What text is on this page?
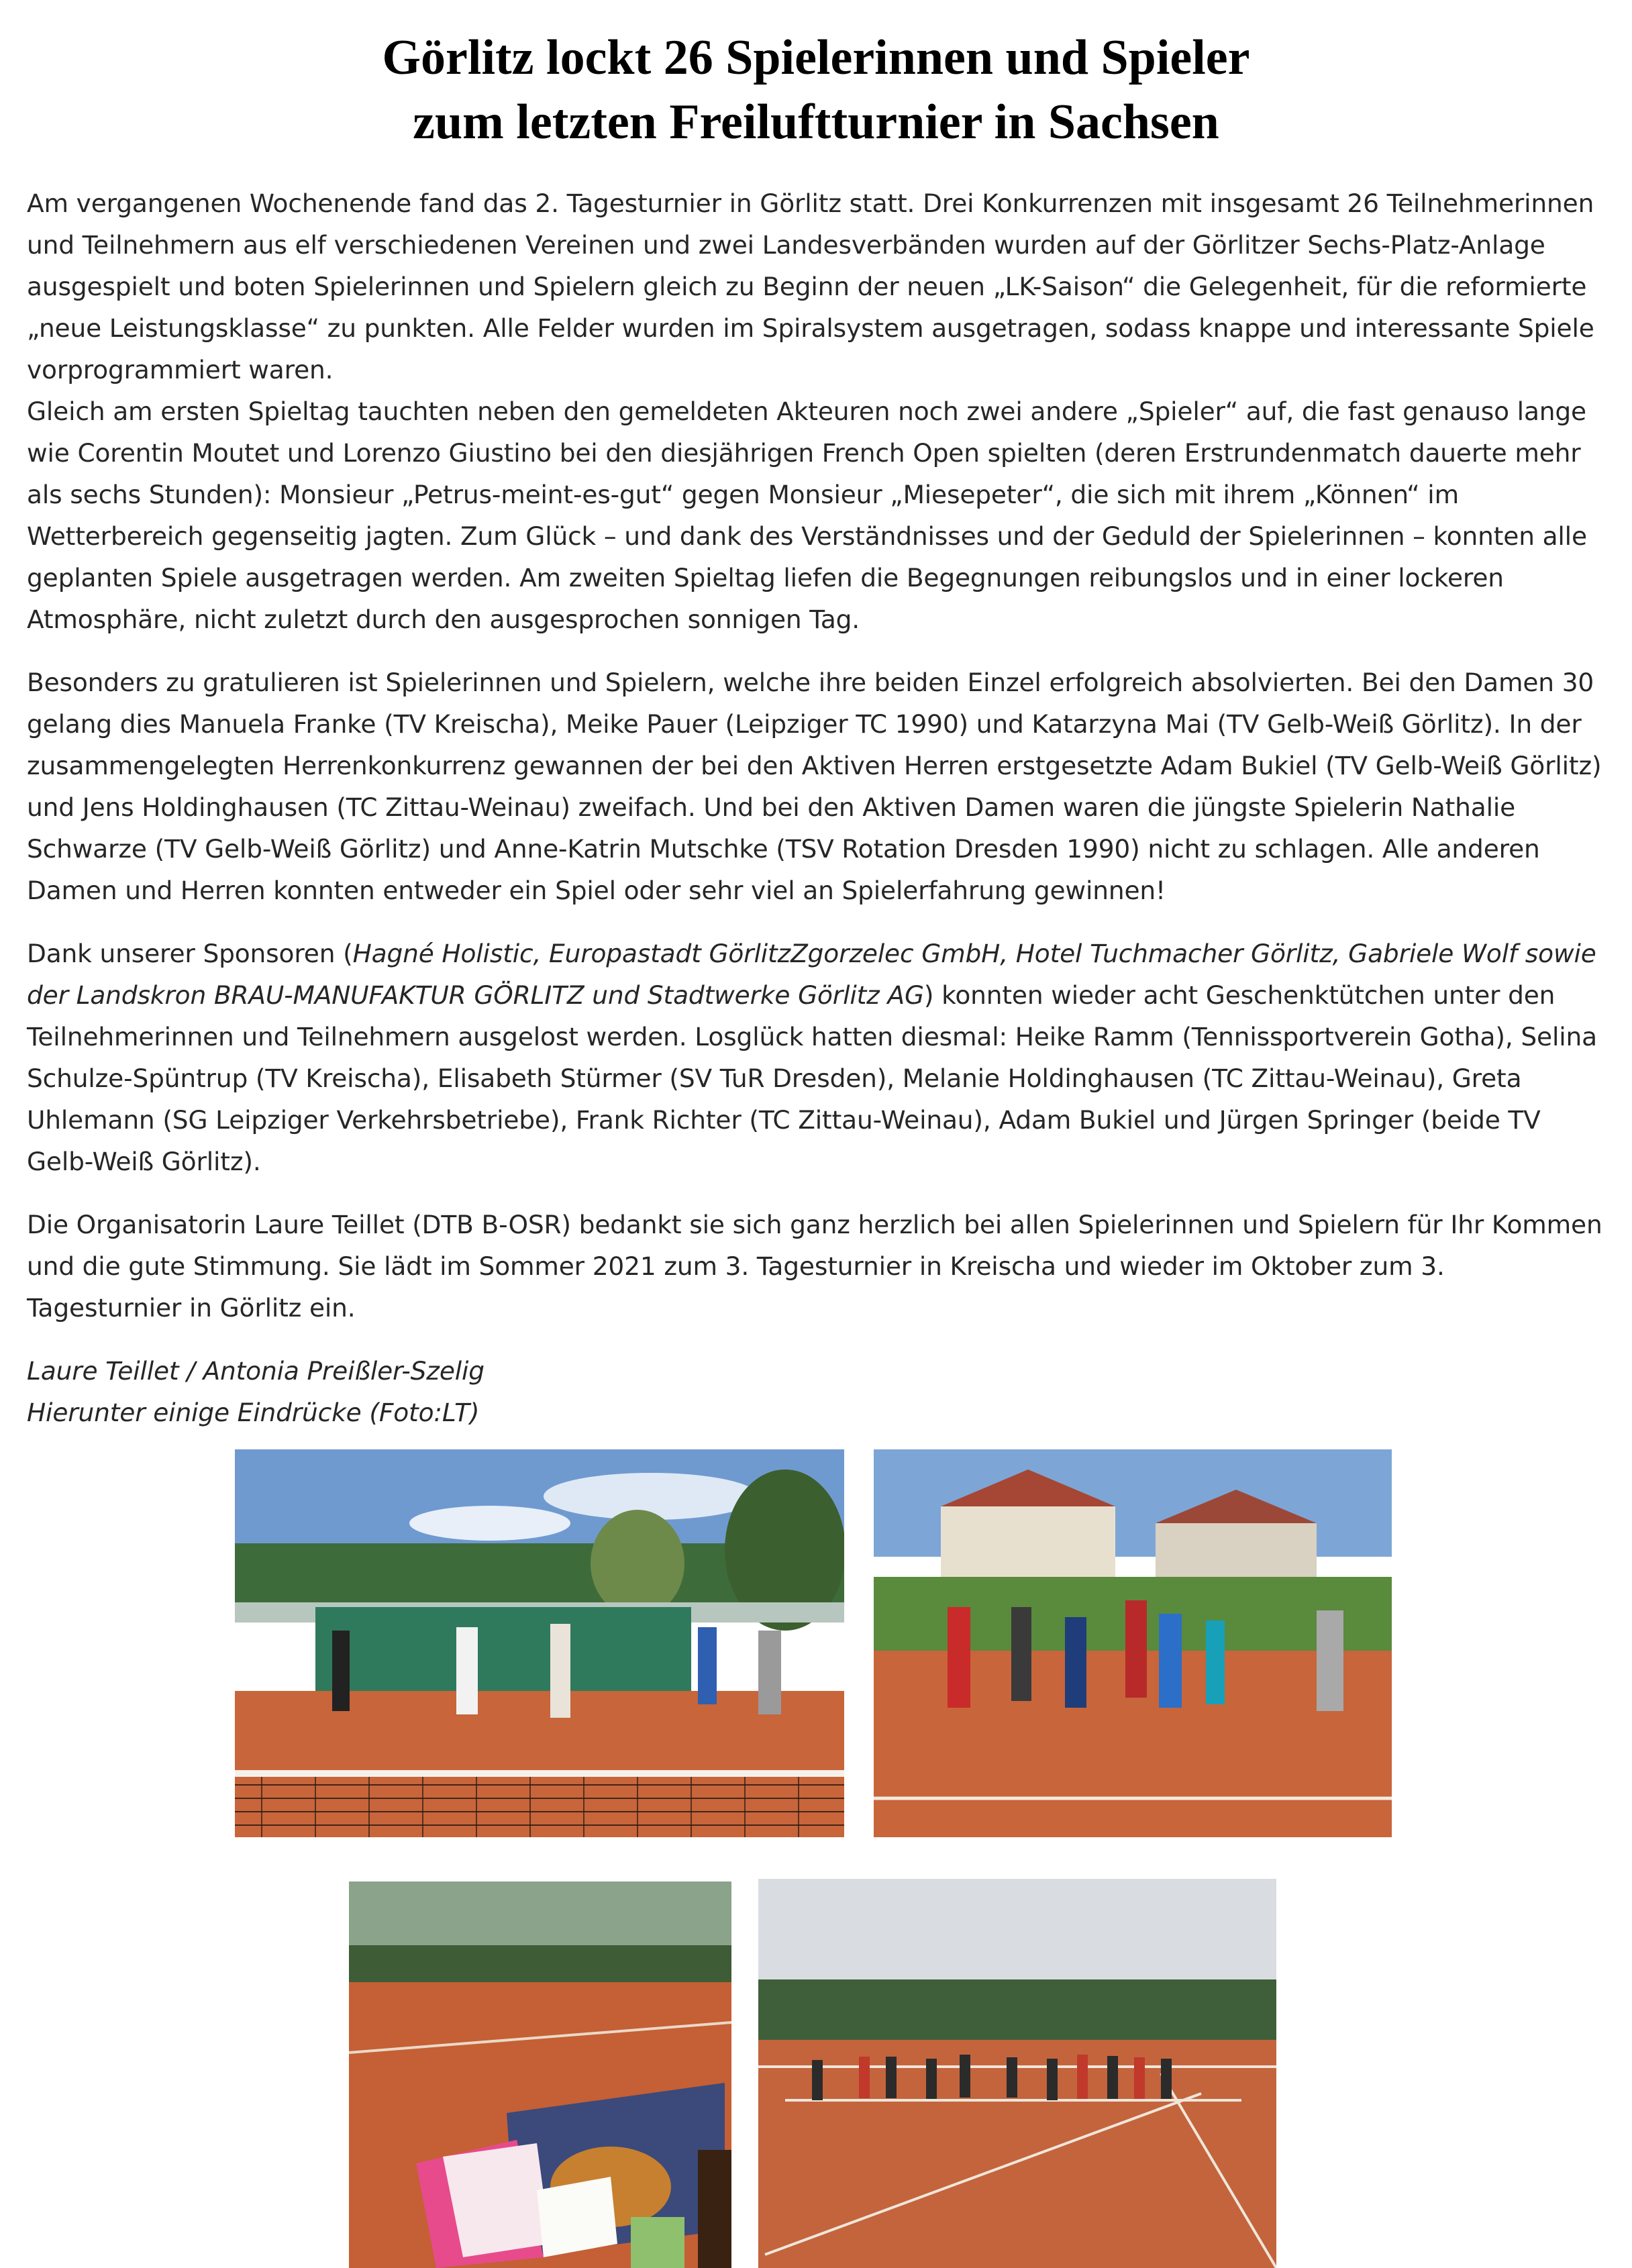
Görlitz lockt 26 Spielerinnen und Spieler
zum letzten Freiluftturnier in Sachsen

Am vergangenen Wochenende fand das 2. Tagesturnier in Görlitz statt. Drei Konkurrenzen mit insgesamt 26 Teilnehmerinnen und Teilnehmern aus elf verschiedenen Vereinen und zwei Landesverbänden wurden auf der Görlitzer Sechs-Platz-Anlage ausgespielt und boten Spielerinnen und Spielern gleich zu Beginn der neuen „LK-Saison“ die Gelegenheit, für die reformierte „neue Leistungsklasse“ zu punkten. Alle Felder wurden im Spiralsystem ausgetragen, sodass knappe und interessante Spiele vorprogrammiert waren.

Gleich am ersten Spieltag tauchten neben den gemeldeten Akteuren noch zwei andere „Spieler“ auf, die fast genauso lange wie Corentin Moutet und Lorenzo Giustino bei den diesjährigen French Open spielten (deren Erstrundenmatch dauerte mehr als sechs Stunden): Monsieur „Petrus-meint-es-gut“ gegen Monsieur „Miesepeter“, die sich mit ihrem „Können“ im Wetterbereich gegenseitig jagten. Zum Glück – und dank des Verständnisses und der Geduld der Spielerinnen – konnten alle geplanten Spiele ausgetragen werden. Am zweiten Spieltag liefen die Begegnungen reibungslos und in einer lockeren Atmosphäre, nicht zuletzt durch den ausgesprochen sonnigen Tag.

Besonders zu gratulieren ist Spielerinnen und Spielern, welche ihre beiden Einzel erfolgreich absolvierten. Bei den Damen 30 gelang dies Manuela Franke (TV Kreischa), Meike Pauer (Leipziger TC 1990) und Katarzyna Mai (TV Gelb-Weiß Görlitz). In der zusammengelegten Herrenkonkurrenz gewannen der bei den Aktiven Herren erstgesetzte Adam Bukiel (TV Gelb-Weiß Görlitz) und Jens Holdinghausen (TC Zittau-Weinau) zweifach. Und bei den Aktiven Damen waren die jüngste Spielerin Nathalie Schwarze (TV Gelb-Weiß Görlitz) und Anne-Katrin Mutschke (TSV Rotation Dresden 1990) nicht zu schlagen. Alle anderen Damen und Herren konnten entweder ein Spiel oder sehr viel an Spielerfahrung gewinnen!

Dank unserer Sponsoren (Hagné Holistic, Europastadt GörlitzZgorzelec GmbH, Hotel Tuchmacher Görlitz, Gabriele Wolf sowie der Landskron BRAU-MANUFAKTUR GÖRLITZ und Stadtwerke Görlitz AG) konnten wieder acht Geschenktütchen unter den Teilnehmerinnen und Teilnehmern ausgelost werden. Losglück hatten diesmal: Heike Ramm (Tennissportverein Gotha), Selina Schulze-Spüntrup (TV Kreischa), Elisabeth Stürmer (SV TuR Dresden), Melanie Holdinghausen (TC Zittau-Weinau), Greta Uhlemann (SG Leipziger Verkehrsbetriebe), Frank Richter (TC Zittau-Weinau), Adam Bukiel und Jürgen Springer (beide TV Gelb-Weiß Görlitz).

Die Organisatorin Laure Teillet (DTB B-OSR) bedankt sie sich ganz herzlich bei allen Spielerinnen und Spielern für Ihr Kommen und die gute Stimmung. Sie lädt im Sommer 2021 zum 3. Tagesturnier in Kreischa und wieder im Oktober zum 3. Tagesturnier in Görlitz ein.

Laure Teillet / Antonia Preißler-Szelig
Hierunter einige Eindrücke (Foto:LT)
